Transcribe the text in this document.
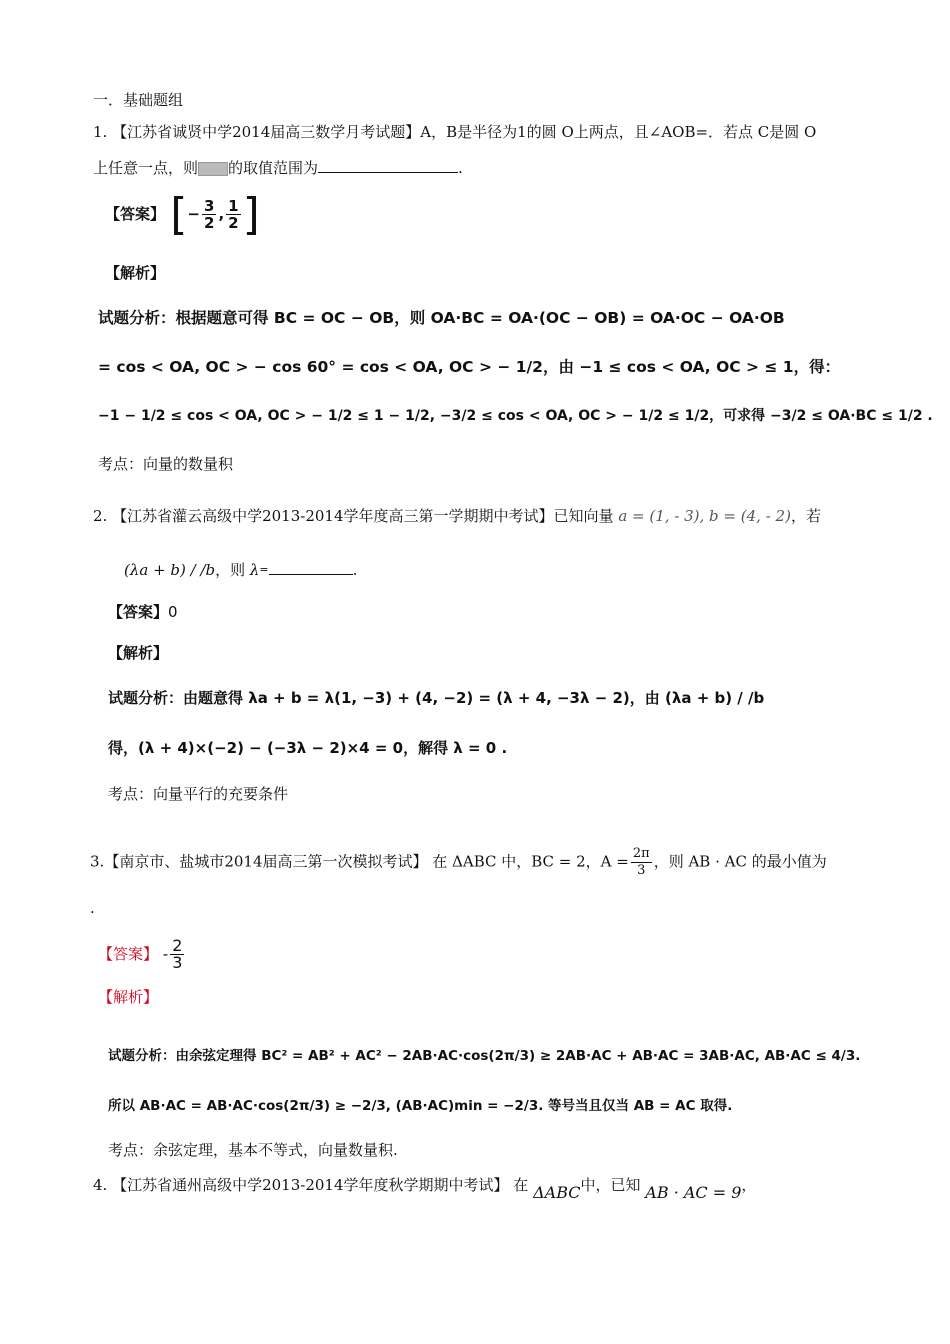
一．基础题组
1. 【江苏省诚贤中学2014届高三数学月考试题】A，B是半径为1的圆 O上两点，且∠AOB=．若点 C是圆 O
上任意一点，则 的取值范围为	.
【答案】 [− $\frac{3}{2}$ , $\frac{1}{2}$ ]
【解析】
试题分析：根据题意可得 BC = OC − OB，则 OA·BC = OA·(OC − OB) = OA·OC − OA·OB
= cos < OA, OC > − cos 60° = cos < OA, OC > − 1/2，由 −1 ≤ cos < OA, OC > ≤ 1，得：
−1 − 1/2 ≤ cos < OA, OC > − 1/2 ≤ 1 − 1/2, −3/2 ≤ cos < OA, OC > − 1/2 ≤ 1/2，可求得 −3/2 ≤ OA·BC ≤ 1/2 .
考点：向量的数量积
2. 【江苏省灌云高级中学2013-2014学年度高三第一学期期中考试】已知向量 a = (1, - 3), b = (4, - 2)，若
(λa + b) / /b，则 λ=	.
【答案】0
【解析】
试题分析：由题意得 λa + b = λ(1, −3) + (4, −2) = (λ + 4, −3λ − 2)，由 (λa + b) / /b
得，(λ + 4)×(−2) − (−3λ − 2)×4 = 0，解得 λ = 0 .
考点：向量平行的充要条件
3.【南京市、盐城市2014届高三第一次模拟考试】 在 ΔABC 中，BC = 2，$A = \frac{2\pi}{3}$ ，则 AB · AC 的最小值为
.
【答案】 - $\frac{2}{3}$
【解析】
试题分析：由余弦定理得 BC² = AB² + AC² − 2AB·AC·cos(2π/3) ≥ 2AB·AC + AB·AC = 3AB·AC, AB·AC ≤ 4/3.
所以 AB·AC = AB·AC·cos(2π/3) ≥ −2/3, (AB·AC)min = −2/3. 等号当且仅当 AB = AC 取得.
考点：余弦定理，基本不等式，向量数量积.
4. 【江苏省通州高级中学2013-2014学年度秋学期期中考试】 在 ΔABC中，已知 AB · AC = 9，
